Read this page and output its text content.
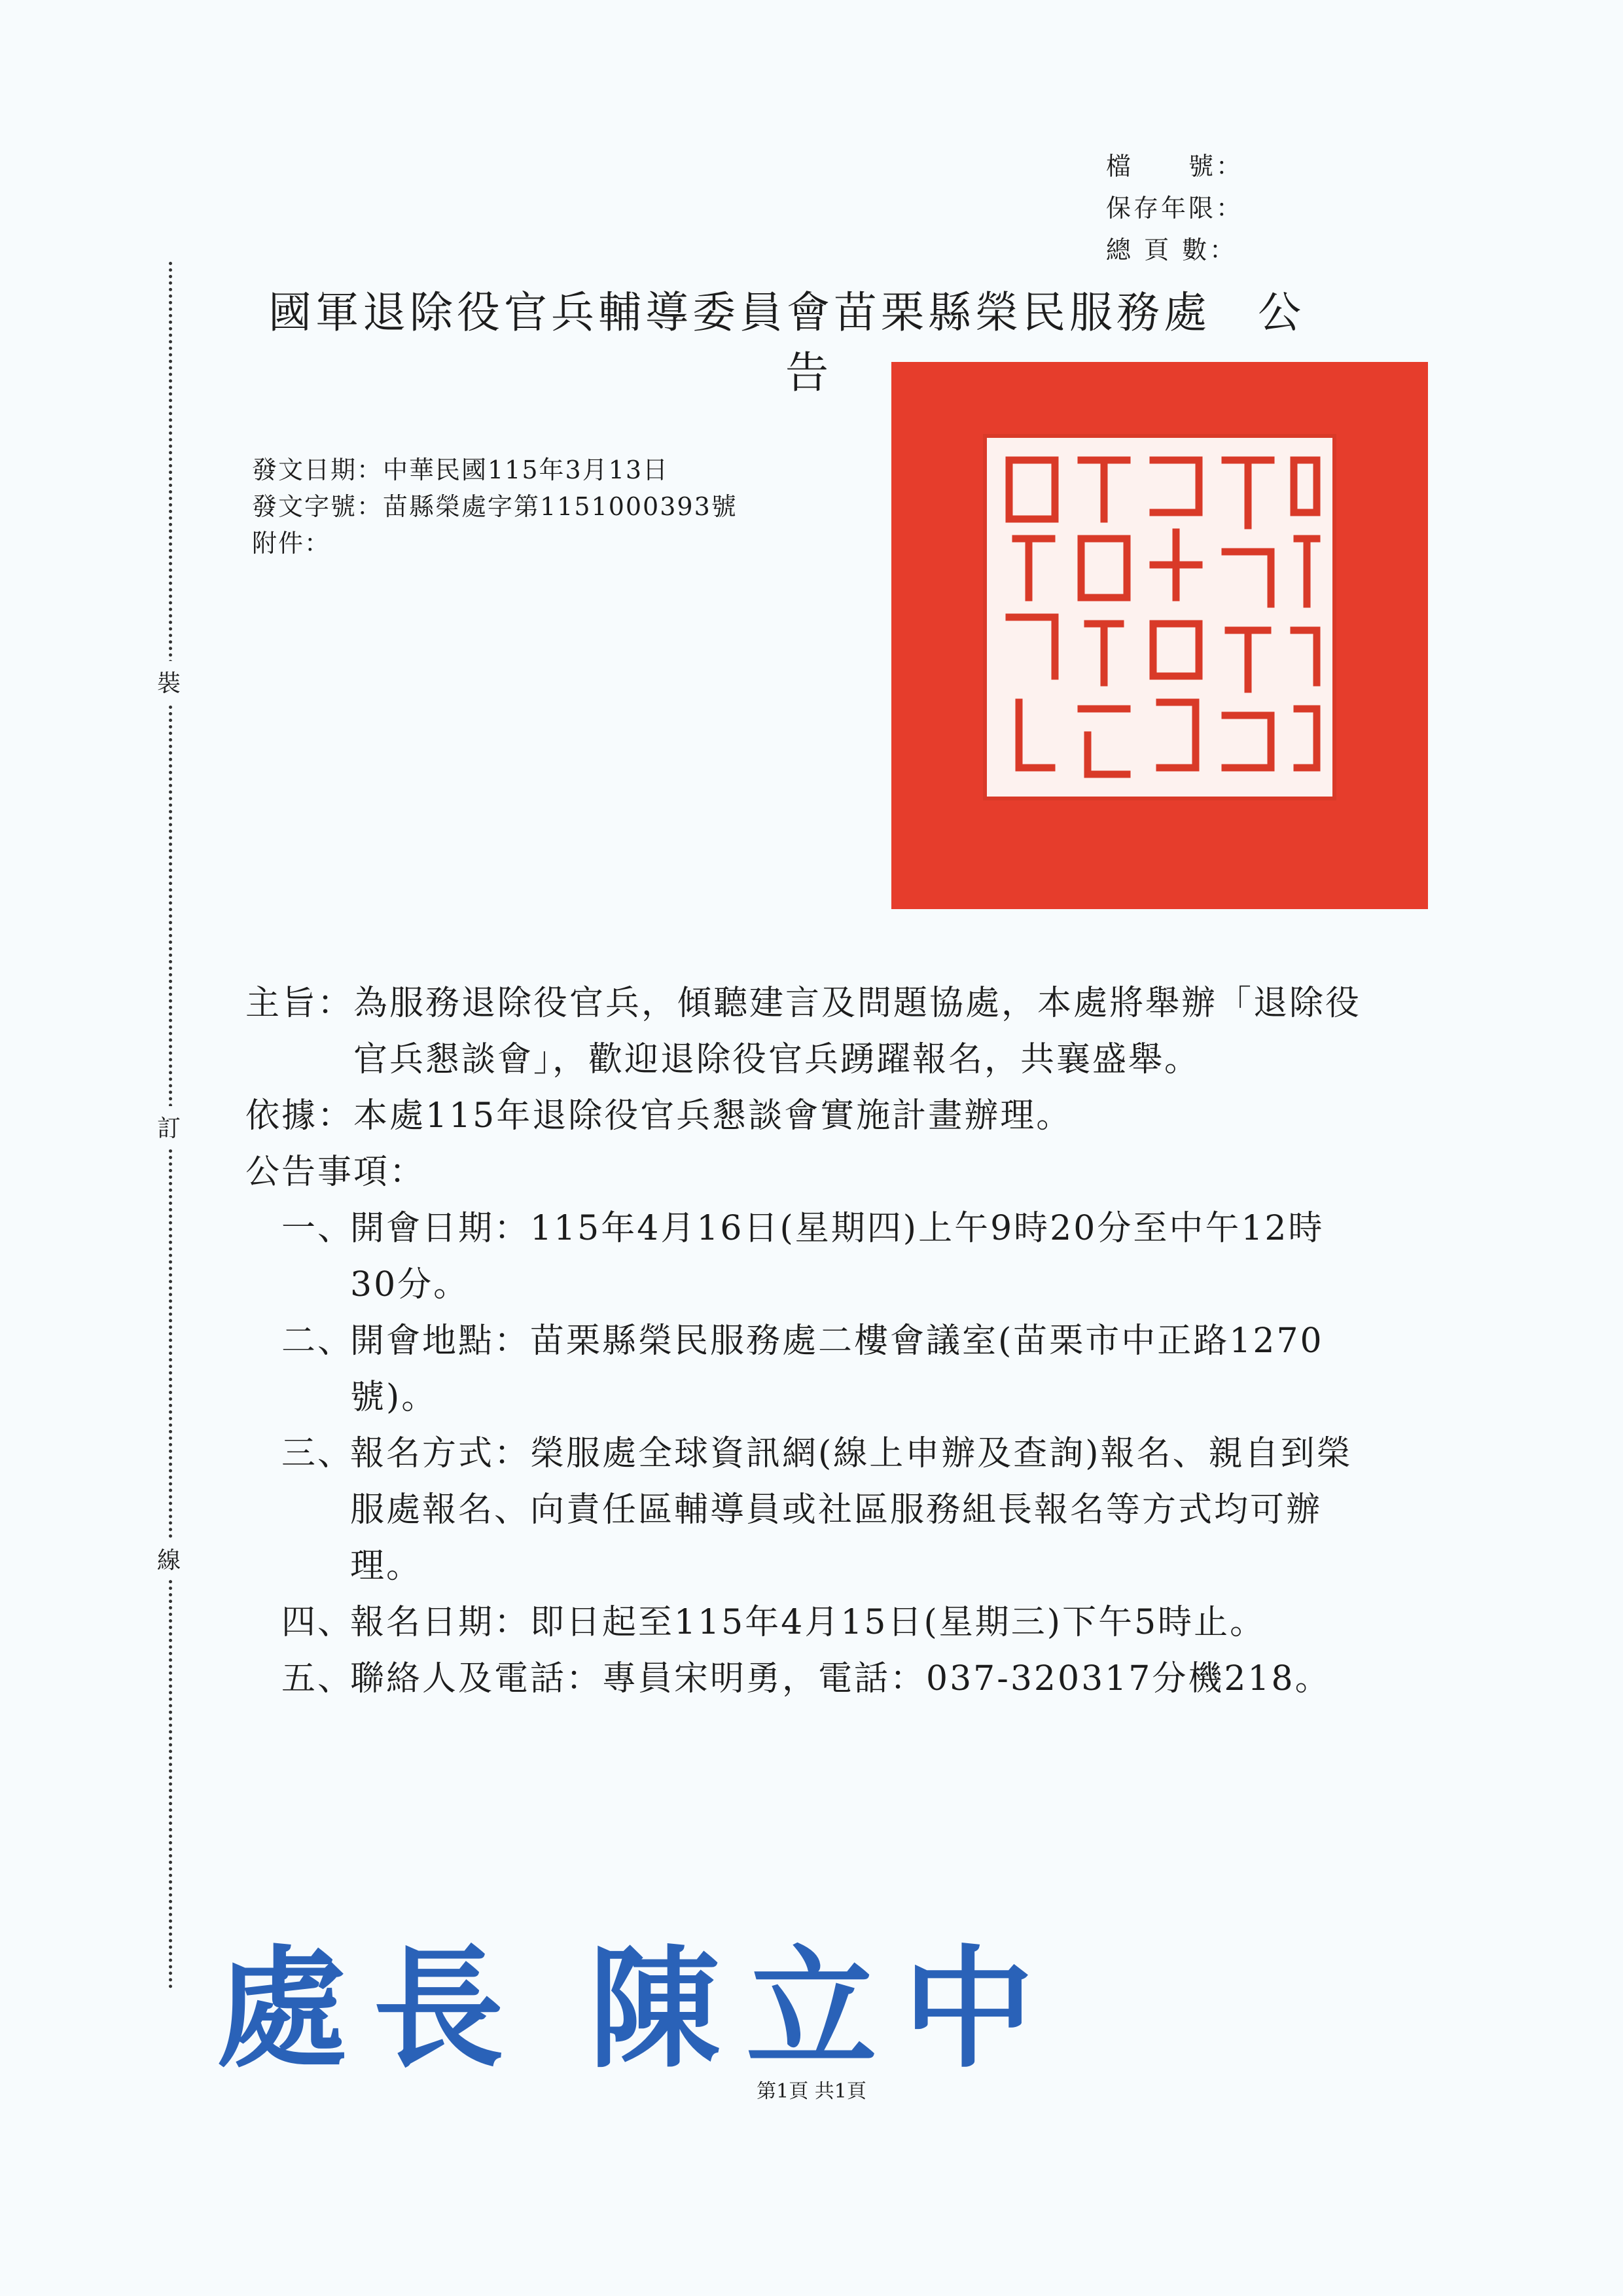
檔　　號：
保存年限：
總 頁 數：
裝
訂
線
國軍退除役官兵輔導委員會苗栗縣榮民服務處　公
告
發文日期：中華民國115年3月13日
發文字號：苗縣榮處字第1151000393號
附件：
主旨： 為服務退除役官兵，傾聽建言及問題協處，本處將舉辦「退除役官兵懇談會」，歡迎退除役官兵踴躍報名，共襄盛舉。
依據： 本處115年退除役官兵懇談會實施計畫辦理。
公告事項：
一、
開會日期：115年4月16日(星期四)上午9時20分至中午12時30分。
二、
開會地點：苗栗縣榮民服務處二樓會議室(苗栗市中正路1270號)。
三、
報名方式：榮服處全球資訊網(線上申辦及查詢)報名、親自到榮服處報名、向責任區輔導員或社區服務組長報名等方式均可辦理。
四、
報名日期：即日起至115年4月15日(星期三)下午5時止。
五、
聯絡人及電話：專員宋明勇，電話：037-320317分機218。
處長 陳立中
第1頁 共1頁
